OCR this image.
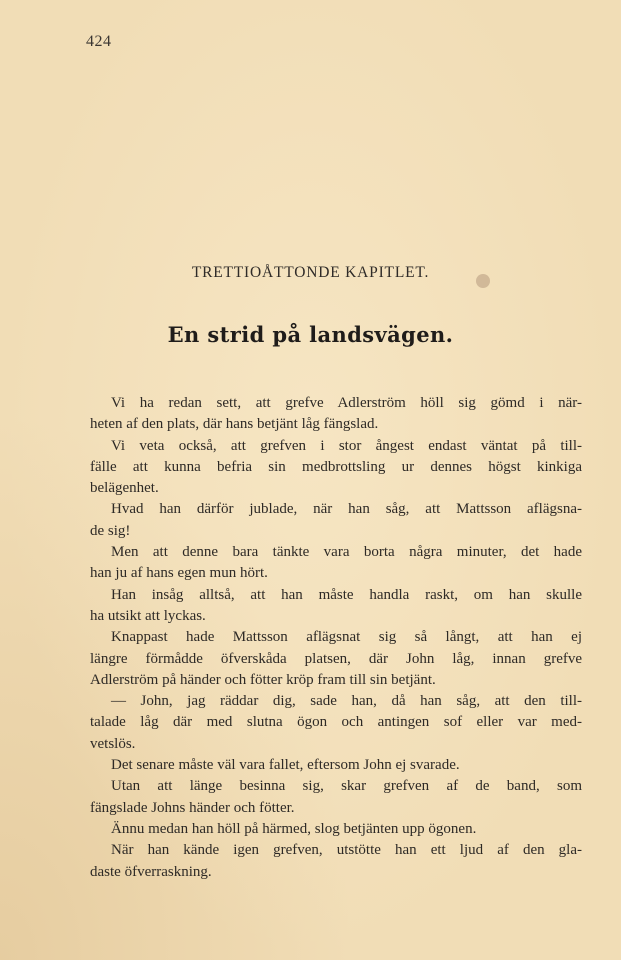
424
TRETTIOÅTTONDE KAPITLET.
En strid på landsvägen.
Vi ha redan sett, att grefve Adlerström höll sig gömd i när-
heten af den plats, där hans betjänt låg fängslad.
Vi veta också, att grefven i stor ångest endast väntat på till-
fälle att kunna befria sin medbrottsling ur dennes högst kinkiga
belägenhet.
Hvad han därför jublade, när han såg, att Mattsson aflägsna-
de sig!
Men att denne bara tänkte vara borta några minuter, det hade
han ju af hans egen mun hört.
Han insåg alltså, att han måste handla raskt, om han skulle
ha utsikt att lyckas.
Knappast hade Mattsson aflägsnat sig så långt, att han ej
längre förmådde öfverskåda platsen, där John låg, innan grefve
Adlerström på händer och fötter kröp fram till sin betjänt.
— John, jag räddar dig, sade han, då han såg, att den till-
talade låg där med slutna ögon och antingen sof eller var med-
vetslös.
Det senare måste väl vara fallet, eftersom John ej svarade.
Utan att länge besinna sig, skar grefven af de band, som
fängslade Johns händer och fötter.
Ännu medan han höll på härmed, slog betjänten upp ögonen.
När han kände igen grefven, utstötte han ett ljud af den gla-
daste öfverraskning.
